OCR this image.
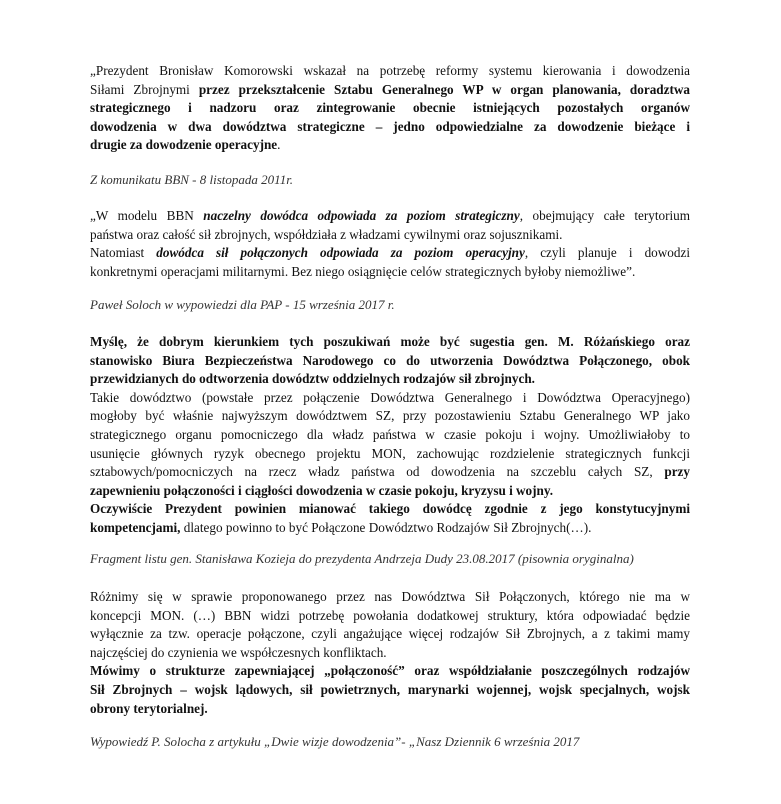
„Prezydent Bronisław Komorowski wskazał na potrzebę reformy systemu kierowania i dowodzenia
Siłami Zbrojnymi przez przekształcenie Sztabu Generalnego WP w organ planowania, doradztwa
strategicznego i nadzoru oraz zintegrowanie obecnie istniejących pozostałych organów
dowodzenia w dwa dowództwa strategiczne – jedno odpowiedzialne za dowodzenie bieżące i
drugie za dowodzenie operacyjne.

Z komunikatu BBN - 8 listopada 2011r.

„W modelu BBN naczelny dowódca odpowiada za poziom strategiczny, obejmujący całe terytorium
państwa oraz całość sił zbrojnych, współdziała z władzami cywilnymi oraz sojusznikami.
Natomiast dowódca sił połączonych odpowiada za poziom operacyjny, czyli planuje i dowodzi
konkretnymi operacjami militarnymi. Bez niego osiągnięcie celów strategicznych byłoby niemożliwe”.

Paweł Soloch w wypowiedzi dla PAP - 15 września 2017 r.

Myślę, że dobrym kierunkiem tych poszukiwań może być sugestia gen. M. Różańskiego oraz
stanowisko Biura Bezpieczeństwa Narodowego co do utworzenia Dowództwa Połączonego, obok
przewidzianych do odtworzenia dowództw oddzielnych rodzajów sił zbrojnych.
Takie dowództwo (powstałe przez połączenie Dowództwa Generalnego i Dowództwa Operacyjnego)
mogłoby być właśnie najwyższym dowództwem SZ, przy pozostawieniu Sztabu Generalnego WP jako
strategicznego organu pomocniczego dla władz państwa w czasie pokoju i wojny. Umożliwiałoby to
usunięcie głównych ryzyk obecnego projektu MON, zachowując rozdzielenie strategicznych funkcji
sztabowych/pomocniczych na rzecz władz państwa od dowodzenia na szczeblu całych SZ, przy
zapewnieniu połączoności i ciągłości dowodzenia w czasie pokoju, kryzysu i wojny.
Oczywiście Prezydent powinien mianować takiego dowódcę zgodnie z jego konstytucyjnymi
kompetencjami, dlatego powinno to być Połączone Dowództwo Rodzajów Sił Zbrojnych(…).

Fragment listu gen. Stanisława Kozieja do prezydenta Andrzeja Dudy 23.08.2017 (pisownia oryginalna)

Różnimy się w sprawie proponowanego przez nas Dowództwa Sił Połączonych, którego nie ma w
koncepcji MON. (…) BBN widzi potrzebę powołania dodatkowej struktury, która odpowiadać będzie
wyłącznie za tzw. operacje połączone, czyli angażujące więcej rodzajów Sił Zbrojnych, a z takimi mamy
najczęściej do czynienia we współczesnych konfliktach.
Mówimy o strukturze zapewniającej „połączoność” oraz współdziałanie poszczególnych rodzajów
Sił Zbrojnych – wojsk lądowych, sił powietrznych, marynarki wojennej, wojsk specjalnych, wojsk
obrony terytorialnej.

Wypowiedź P. Solocha z artykułu „Dwie wizje dowodzenia”- „Nasz Dziennik 6 września 2017
